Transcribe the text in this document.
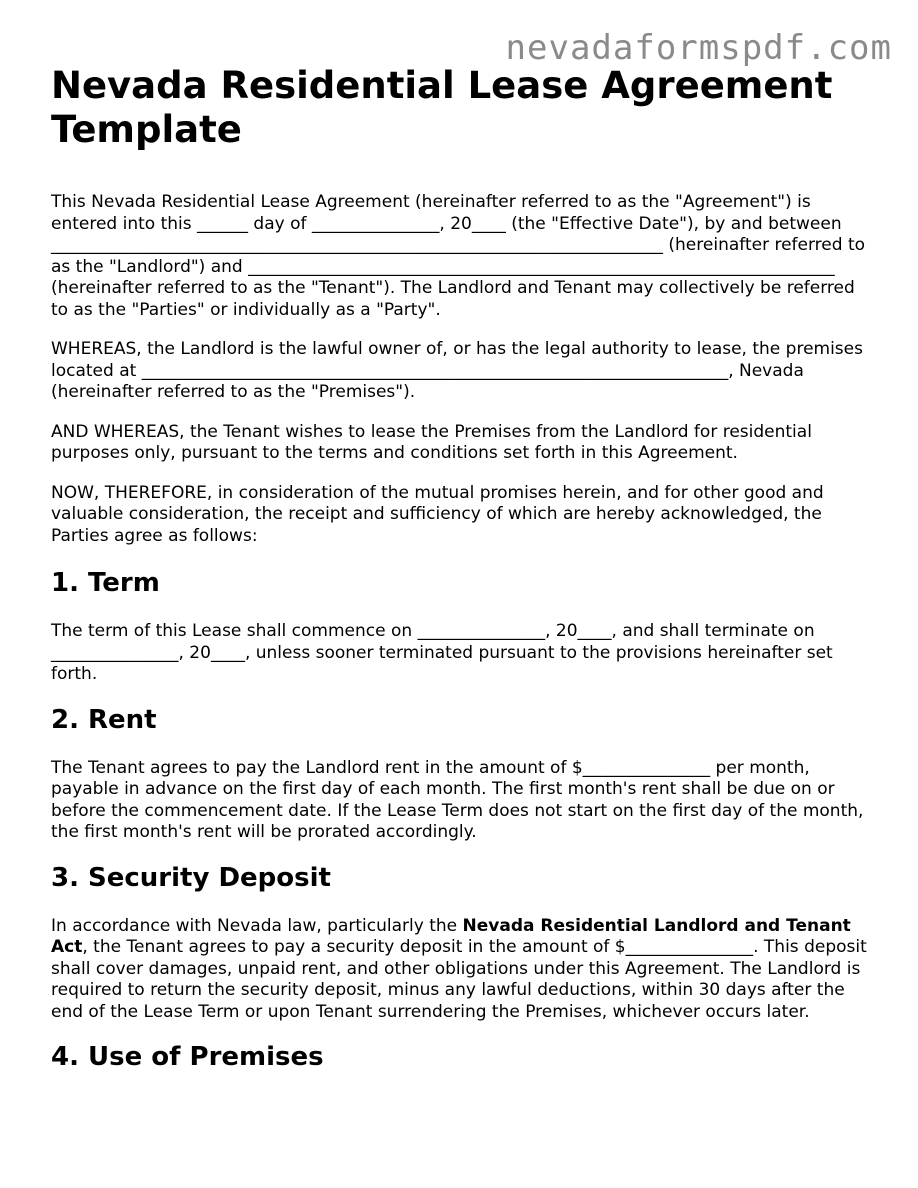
nevadaformspdf.com
Nevada Residential Lease Agreement Template

This Nevada Residential Lease Agreement (hereinafter referred to as the "Agreement") is entered into this ______ day of _______________, 20____ (the "Effective Date"), by and between ________________________________________________________________________ (hereinafter referred to as the "Landlord") and _____________________________________________________________________ (hereinafter referred to as the "Tenant"). The Landlord and Tenant may collectively be referred to as the "Parties" or individually as a "Party".

WHEREAS, the Landlord is the lawful owner of, or has the legal authority to lease, the premises located at _____________________________________________________________________, Nevada (hereinafter referred to as the "Premises").

AND WHEREAS, the Tenant wishes to lease the Premises from the Landlord for residential purposes only, pursuant to the terms and conditions set forth in this Agreement.

NOW, THEREFORE, in consideration of the mutual promises herein, and for other good and valuable consideration, the receipt and sufficiency of which are hereby acknowledged, the Parties agree as follows:

1. Term

The term of this Lease shall commence on _______________, 20____, and shall terminate on _______________, 20____, unless sooner terminated pursuant to the provisions hereinafter set forth.

2. Rent

The Tenant agrees to pay the Landlord rent in the amount of $_______________ per month, payable in advance on the first day of each month. The first month's rent shall be due on or before the commencement date. If the Lease Term does not start on the first day of the month, the first month's rent will be prorated accordingly.

3. Security Deposit

In accordance with Nevada law, particularly the Nevada Residential Landlord and Tenant Act, the Tenant agrees to pay a security deposit in the amount of $_______________. This deposit shall cover damages, unpaid rent, and other obligations under this Agreement. The Landlord is required to return the security deposit, minus any lawful deductions, within 30 days after the end of the Lease Term or upon Tenant surrendering the Premises, whichever occurs later.

4. Use of Premises
